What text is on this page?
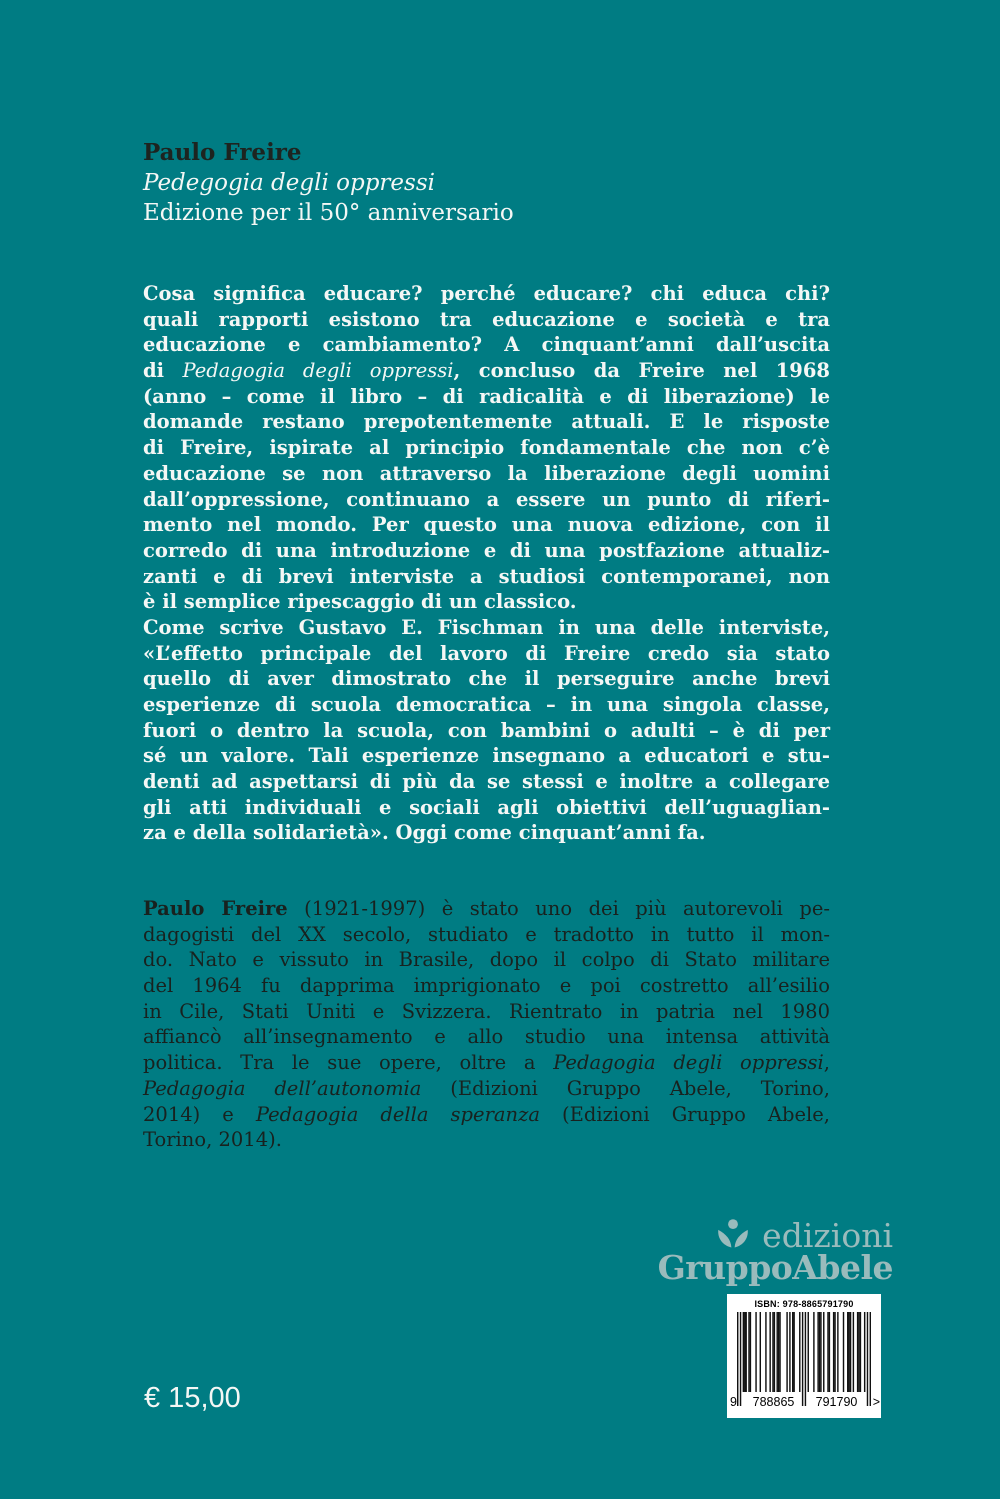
Paulo Freire
Pedegogia degli oppressi
Edizione per il 50° anniversario
Cosa significa educare? perché educare? chi educa chi?
quali rapporti esistono tra educazione e società e tra
educazione e cambiamento? A cinquant’anni dall’uscita
di Pedagogia degli oppressi, concluso da Freire nel 1968
(anno – come il libro – di radicalità e di liberazione) le
domande restano prepotentemente attuali. E le risposte
di Freire, ispirate al principio fondamentale che non c’è
educazione se non attraverso la liberazione degli uomini
dall’oppressione, continuano a essere un punto di riferi-
mento nel mondo. Per questo una nuova edizione, con il
corredo di una introduzione e di una postfazione attualiz-
zanti e di brevi interviste a studiosi contemporanei, non
è il semplice ripescaggio di un classico.
Come scrive Gustavo E. Fischman in una delle interviste,
«L’effetto principale del lavoro di Freire credo sia stato
quello di aver dimostrato che il perseguire anche brevi
esperienze di scuola democratica – in una singola classe,
fuori o dentro la scuola, con bambini o adulti – è di per
sé un valore. Tali esperienze insegnano a educatori e stu-
denti ad aspettarsi di più da se stessi e inoltre a collegare
gli atti individuali e sociali agli obiettivi dell’uguaglian-
za e della solidarietà». Oggi come cinquant’anni fa.
Paulo Freire (1921-1997) è stato uno dei più autorevoli pe-
dagogisti del XX secolo, studiato e tradotto in tutto il mon-
do. Nato e vissuto in Brasile, dopo il colpo di Stato militare
del 1964 fu dapprima imprigionato e poi costretto all’esilio
in Cile, Stati Uniti e Svizzera. Rientrato in patria nel 1980
affiancò all’insegnamento e allo studio una intensa attività
politica. Tra le sue opere, oltre a Pedagogia degli oppressi,
Pedagogia dell’autonomia (Edizioni Gruppo Abele, Torino,
2014) e Pedagogia della speranza (Edizioni Gruppo Abele,
Torino, 2014).
edizioni
GruppoAbele
ISBN: 978-8865791790
9	788865	791790	>
€ 15,00
